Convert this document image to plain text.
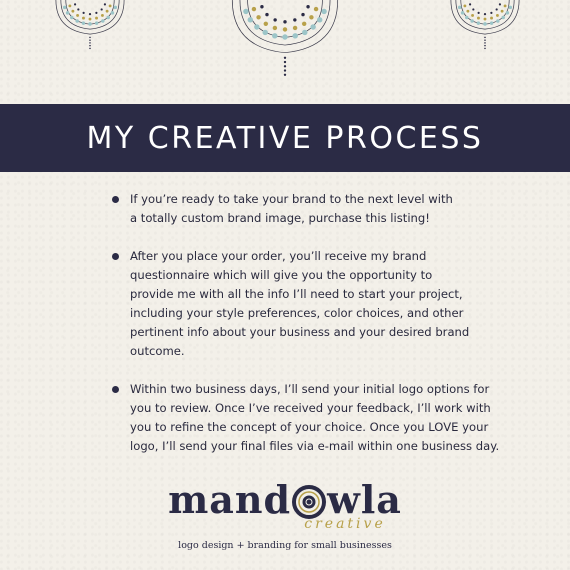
MY CREATIVE PROCESS
If you’re ready to take your brand to the next level with
a totally custom brand image, purchase this listing!
After you place your order, you’ll receive my brand
questionnaire which will give you the opportunity to
provide me with all the info I’ll need to start your project,
including your style preferences, color choices, and other
pertinent info about your business and your desired brand
outcome.
Within two business days, I’ll send your initial logo options for
you to review. Once I’ve received your feedback, I’ll work with
you to refine the concept of your choice. Once you LOVE your
logo, I’ll send your final files via e-mail within one business day.
mand wla
creative
logo design + branding for small businesses
